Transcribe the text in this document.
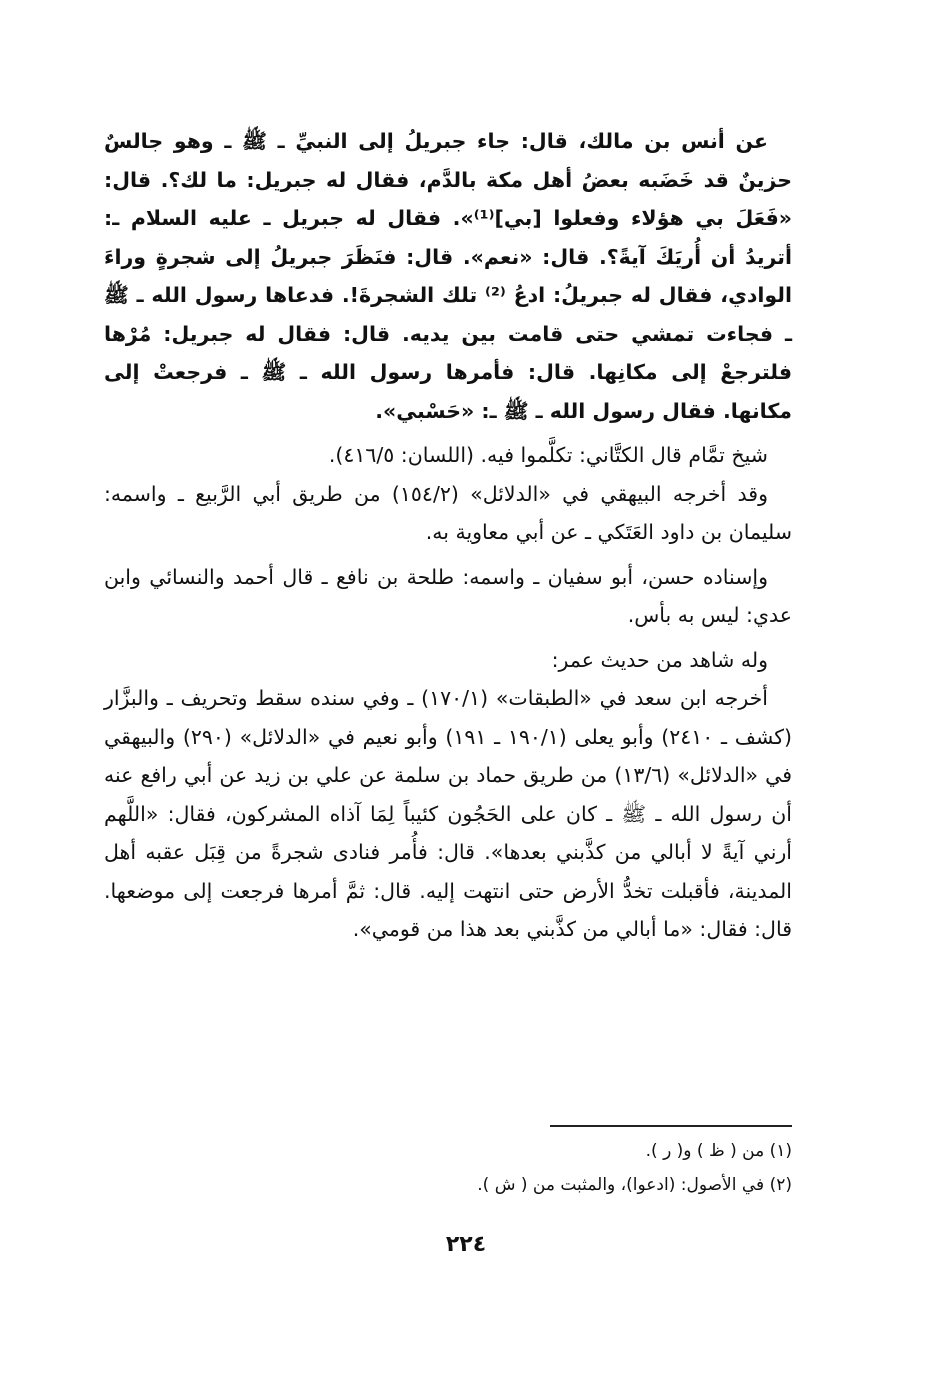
عن أنس بن مالك، قال: جاء جبريلُ إلى النبيِّ ـ ﷺ ـ وهو جالسٌ حزينٌ قد خَضَبه بعضُ أهل مكة بالدَّم، فقال له جبريل: ما لك؟. قال: «فَعَلَ بي هؤلاء وفعلوا [بي]⁽¹⁾». فقال له جبريل ـ عليه السلام ـ: أتريدُ أن أُريَكَ آيةً؟. قال: «نعم». قال: فنَظَرَ جبريلُ إلى شجرةٍ وراءَ الوادي، فقال له جبريلُ: ادعُ ⁽²⁾ تلك الشجرةَ!. فدعاها رسول الله ـ ﷺ ـ فجاءت تمشي حتى قامت بين يديه. قال: فقال له جبريل: مُرْها فلترجعْ إلى مكانِها. قال: فأمرها رسول الله ـ ﷺ ـ فرجعتْ إلى مكانها. فقال رسول الله ـ ﷺ ـ: «حَسْبي».

شيخ تمَّام قال الكتَّاني: تكلَّموا فيه. (اللسان: ٤١٦/٥).

وقد أخرجه البيهقي في «الدلائل» (١٥٤/٢) من طريق أبي الرَّبيع ـ واسمه: سليمان بن داود العَتَكي ـ عن أبي معاوية به.

وإسناده حسن، أبو سفيان ـ واسمه: طلحة بن نافع ـ قال أحمد والنسائي وابن عدي: ليس به بأس.

وله شاهد من حديث عمر:

أخرجه ابن سعد في «الطبقات» (١٧٠/١) ـ وفي سنده سقط وتحريف ـ والبزَّار (كشف ـ ٢٤١٠) وأبو يعلى (١٩٠/١ ـ ١٩١) وأبو نعيم في «الدلائل» (٢٩٠) والبيهقي في «الدلائل» (١٣/٦) من طريق حماد بن سلمة عن علي بن زيد عن أبي رافع عنه أن رسول الله ـ ﷺ ـ كان على الحَجُون كئيباً لِمَا آذاه المشركون، فقال: «اللَّهم أرني آيةً لا أبالي من كذَّبني بعدها». قال: فأُمر فنادى شجرةً من قِبَل عقبه أهل المدينة، فأقبلت تخدُّ الأرض حتى انتهت إليه. قال: ثمَّ أمرها فرجعت إلى موضعها. قال: فقال: «ما أبالي من كذَّبني بعد هذا من قومي».

(١) من ( ظ ) و( ر ).

(٢) في الأصول: (ادعوا)، والمثبت من ( ش ).

٢٢٤
